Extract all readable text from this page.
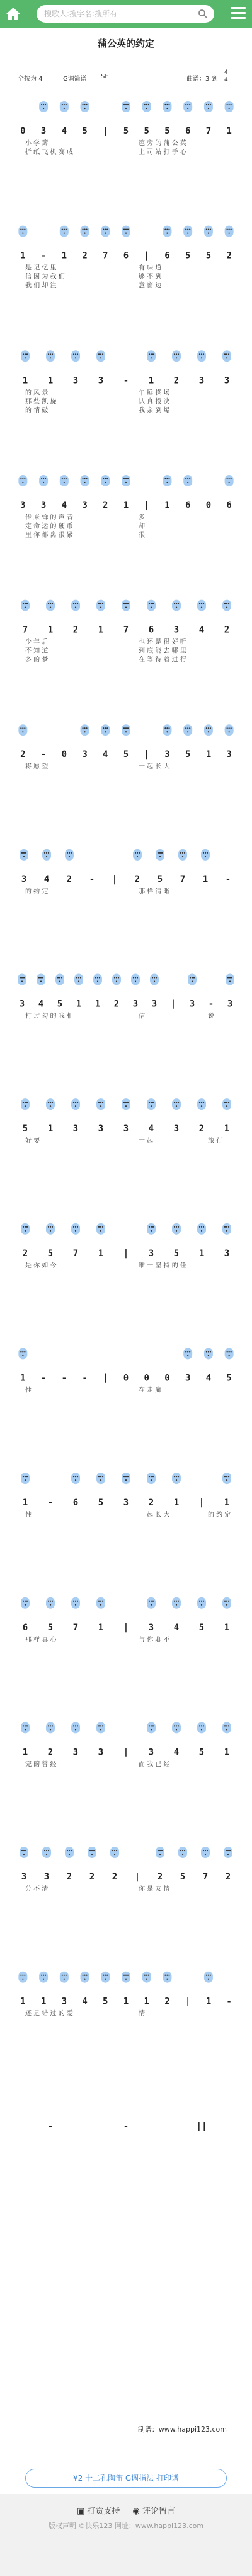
搜歌人:搜字名:搜所有
蒲公英的约定
全按为 4	G调简谱 SF	曲谱：3 到
4
4
0 3 4 5 | 5 5 5 6 7 1
小 学 篱	笆 旁 的 蒲 公 英
折 纸 飞 机 赛 成	上 司 站 打 手 心
1 - 1 2 7 6 | 6 5 5 2
是 记 忆 里	有 味 道
信 因 为 我 们	够 不 到
我 们 却 注	意 窗 边
1 1 3 3 - 1 2 3 3
的 风 景	午 睡 操 场
那 些 凯 旋	认 真 投 决
的 情 破	我 亲 到 爆
3 3 4 3 2 1 | 1 6 0 6
传 来 蝉 的 声 音	多
定 命 运 的 硬 币	却
里 你 都 离 很 紧	很
7 1 2 1 7 6 3 4 2
少 年 后	也 还 是 很 好 听
不 知 道	到 底 能 去 哪 里
多 的 梦	在 等 待 着 进 行
2 - 0 3 4 5 | 3 5 1 3
将 愿 望	一 起 长 大
3 4 2 - | 2 5 7 1 -
的 约 定	那 样 清 晰
3 4 5 1 1 2 3 3 | 3 - 3
打 过 勾 的 我 相	信	说
5 1 3 3 3 4 3 2 1
好 要	一 起	旅 行
2 5 7 1 | 3 5 1 3
是 你 如 今	唯 一 坚 持 的 任
1 - - - | 0 0 0 3 4 5
性	在 走 廊
1 - 6 5 3 2 1 | 1
性	一 起 长 大	的 约 定
6 5 7 1 | 3 4 5 1
那 样 真 心	与 你 聊 不
1 2 3 3 | 3 4 5 1
完 的 曾 经	而 我 已 经
3 3 2 2 2 | 2 5 7 2
分 不 清	你 是 友 情
1 1 3 4 5 1 1 2 | 1 -
还 是 错 过 的 爱	情
-	-	||
制谱：www.happi123.com
¥2 十二孔陶笛 G调指法 打印谱
▣ 打赏支持 ◉ 评论留言
版权声明 ©快乐123 网址：www.happi123.com
